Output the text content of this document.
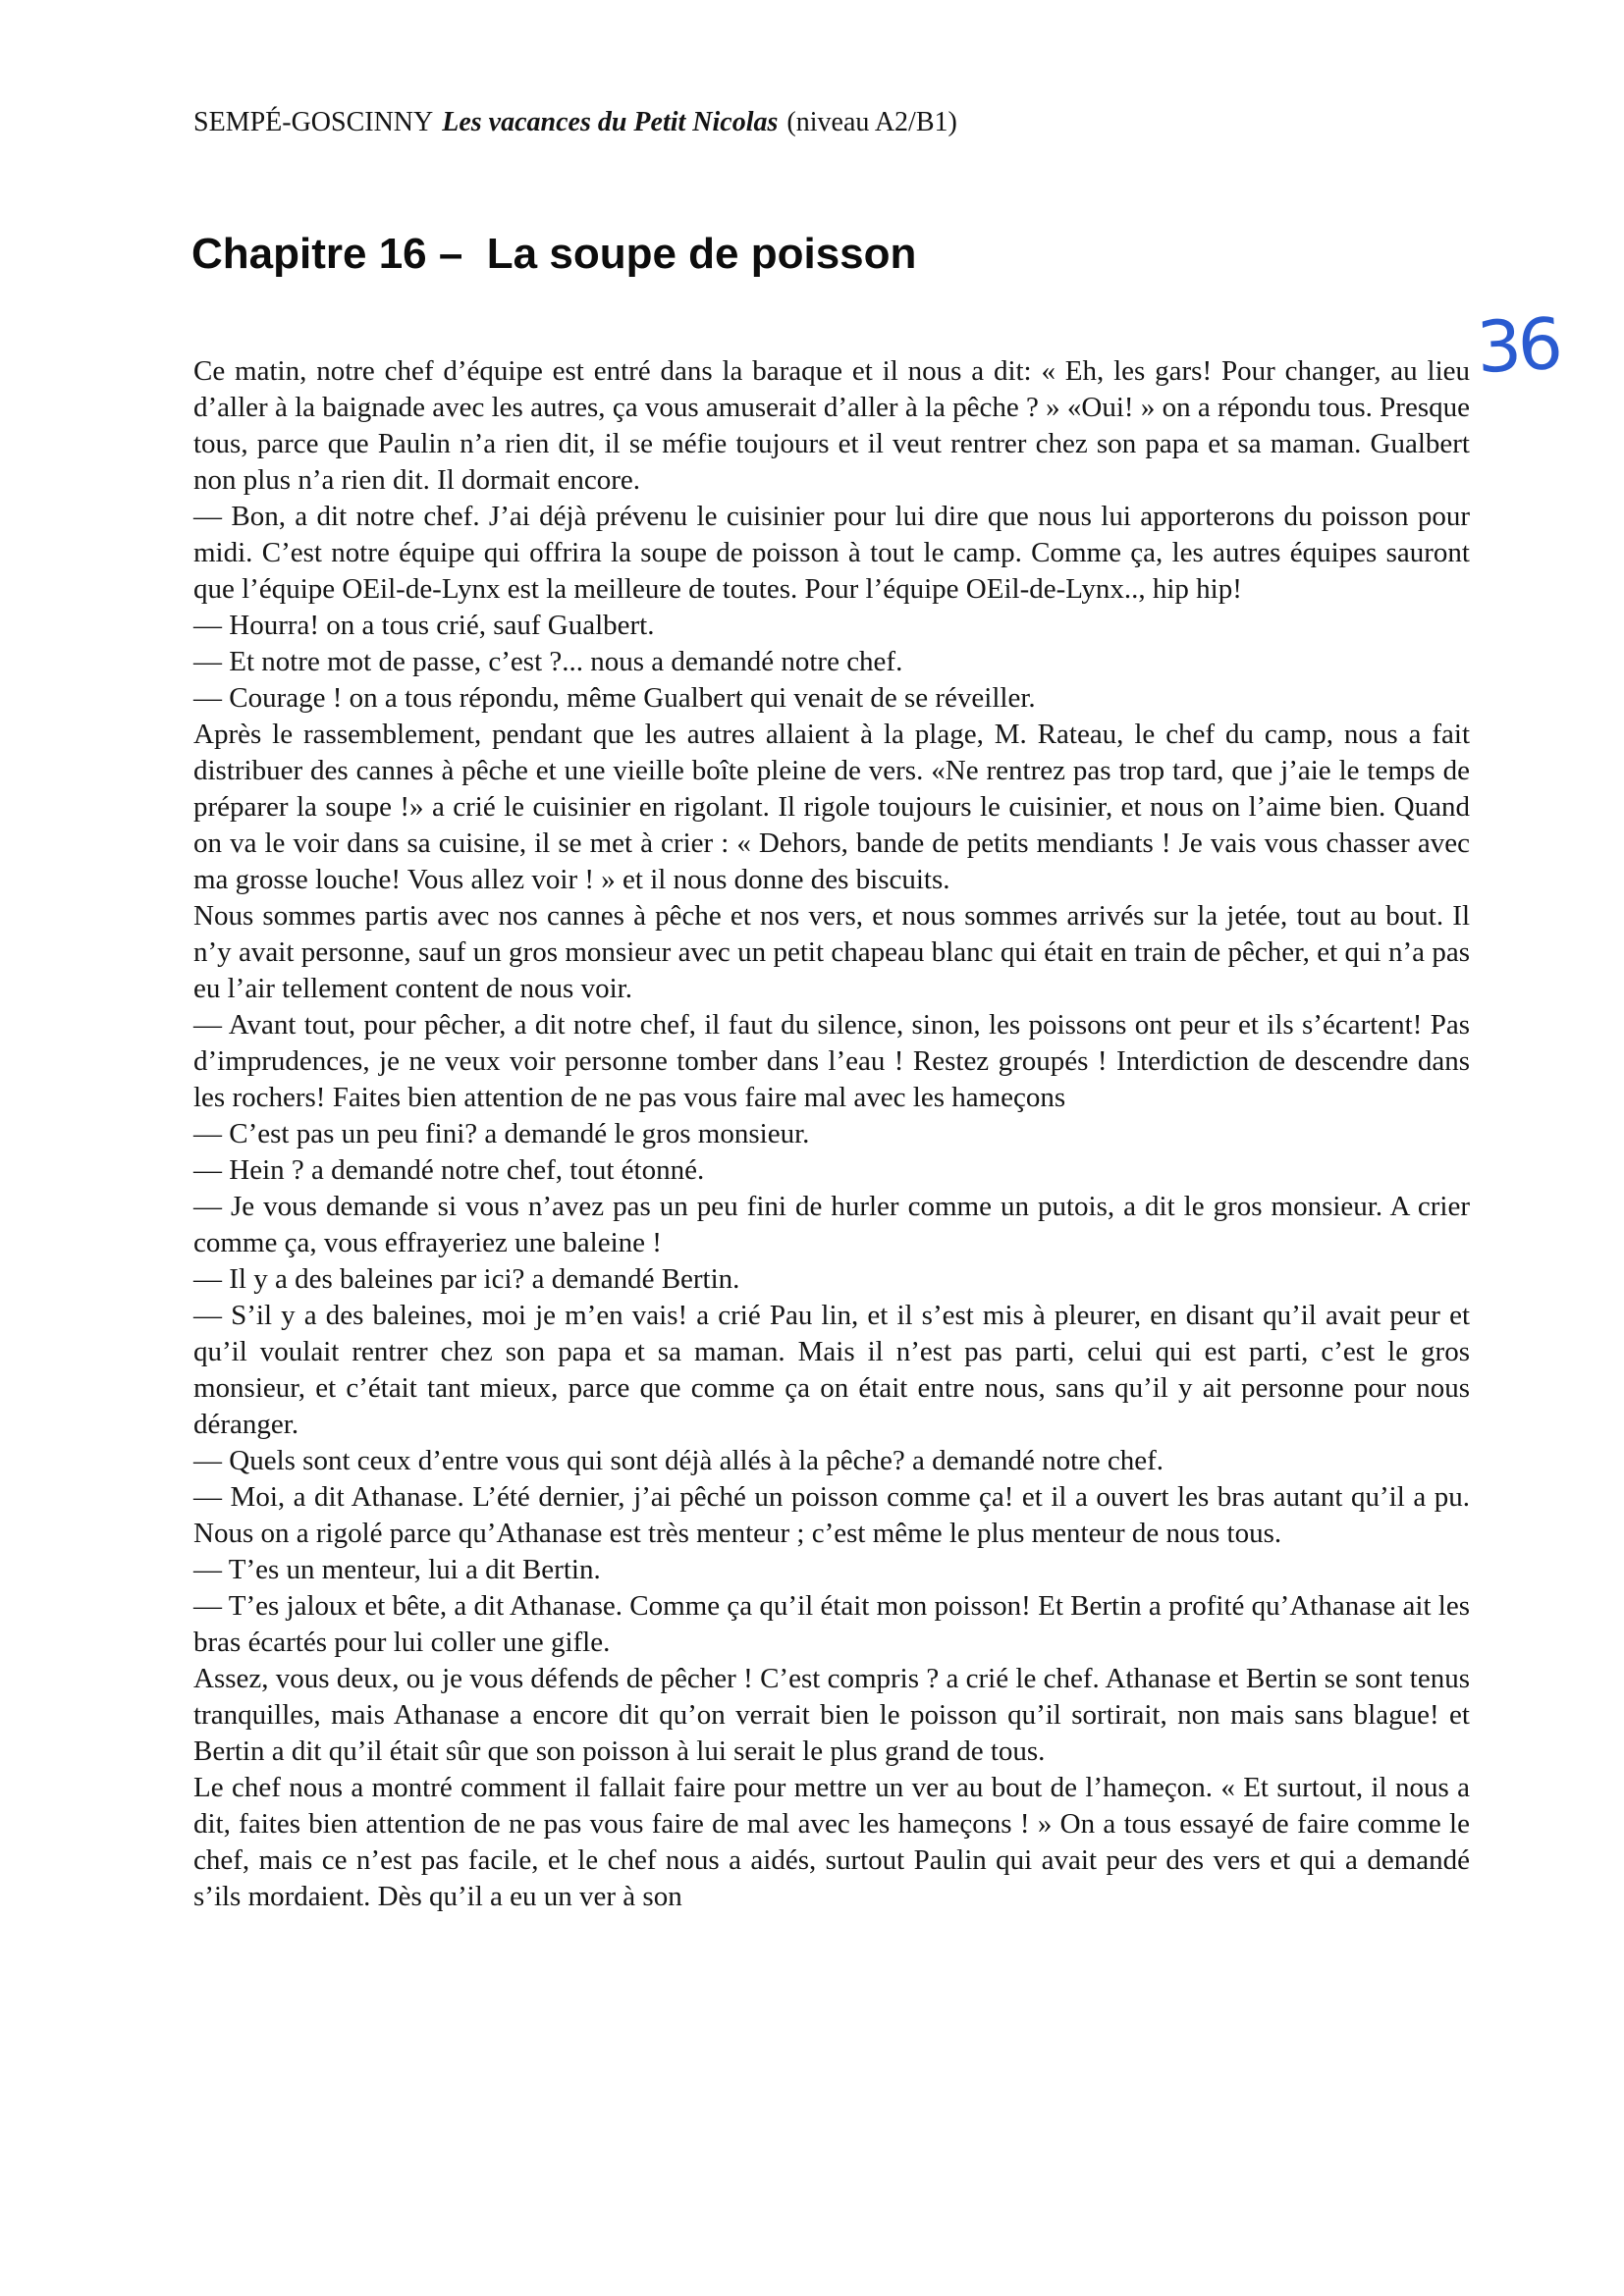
SEMPÉ-GOSCINNY Les vacances du Petit Nicolas (niveau A2/B1)
Chapitre 16 –  La soupe de poisson
36

Ce matin, notre chef d’équipe est entré dans la baraque et il nous a dit: « Eh, les gars! Pour changer, au lieu d’aller à la baignade avec les autres, ça vous amuserait d’aller à la pêche ? » «Oui! » on a répondu tous. Presque tous, parce que Paulin n’a rien dit, il se méfie toujours et il veut rentrer chez son papa et sa maman. Gualbert non plus n’a rien dit. Il dormait encore.

— Bon, a dit notre chef. J’ai déjà prévenu le cuisinier pour lui dire que nous lui apporterons du poisson pour midi. C’est notre équipe qui offrira la soupe de poisson à tout le camp. Comme ça, les autres équipes sauront que l’équipe OEil-de-Lynx est la meilleure de toutes. Pour l’équipe OEil-de-Lynx.., hip hip!

— Hourra! on a tous crié, sauf Gualbert.

— Et notre mot de passe, c’est ?... nous a demandé notre chef.

— Courage ! on a tous répondu, même Gualbert qui venait de se réveiller.

Après le rassemblement, pendant que les autres allaient à la plage, M. Rateau, le chef du camp, nous a fait distribuer des cannes à pêche et une vieille boîte pleine de vers. «Ne rentrez pas trop tard, que j’aie le temps de préparer la soupe !» a crié le cuisinier en rigolant. Il rigole toujours le cuisinier, et nous on l’aime bien. Quand on va le voir dans sa cuisine, il se met à crier : « Dehors, bande de petits mendiants ! Je vais vous chasser avec ma grosse louche! Vous allez voir ! » et il nous donne des biscuits.

Nous sommes partis avec nos cannes à pêche et nos vers, et nous sommes arrivés sur la jetée, tout au bout. Il n’y avait personne, sauf un gros monsieur avec un petit chapeau blanc qui était en train de pêcher, et qui n’a pas eu l’air tellement content de nous voir.

— Avant tout, pour pêcher, a dit notre chef, il faut du silence, sinon, les poissons ont peur et ils s’écartent! Pas d’imprudences, je ne veux voir personne tomber dans l’eau ! Restez groupés ! Interdiction de descendre dans les rochers! Faites bien attention de ne pas vous faire mal avec les hameçons

— C’est pas un peu fini? a demandé le gros monsieur.

— Hein ? a demandé notre chef, tout étonné.

— Je vous demande si vous n’avez pas un peu fini de hurler comme un putois, a dit le gros monsieur. A crier comme ça, vous effrayeriez une baleine !

— Il y a des baleines par ici? a demandé Bertin.

— S’il y a des baleines, moi je m’en vais! a crié Pau lin, et il s’est mis à pleurer, en disant qu’il avait peur et qu’il voulait rentrer chez son papa et sa maman. Mais il n’est pas parti, celui qui est parti, c’est le gros monsieur, et c’était tant mieux, parce que comme ça on était entre nous, sans qu’il y ait personne pour nous déranger.

— Quels sont ceux d’entre vous qui sont déjà allés à la pêche? a demandé notre chef.

— Moi, a dit Athanase. L’été dernier, j’ai pêché un poisson comme ça! et il a ouvert les bras autant qu’il a pu. Nous on a rigolé parce qu’Athanase est très menteur ; c’est même le plus menteur de nous tous.

— T’es un menteur, lui a dit Bertin.

— T’es jaloux et bête, a dit Athanase. Comme ça qu’il était mon poisson! Et Bertin a profité qu’Athanase ait les bras écartés pour lui coller une gifle.

Assez, vous deux, ou je vous défends de pêcher ! C’est compris ? a crié le chef. Athanase et Bertin se sont tenus tranquilles, mais Athanase a encore dit qu’on verrait bien le poisson qu’il sortirait, non mais sans blague! et Bertin a dit qu’il était sûr que son poisson à lui serait le plus grand de tous.

Le chef nous a montré comment il fallait faire pour mettre un ver au bout de l’hameçon. « Et surtout, il nous a dit, faites bien attention de ne pas vous faire de mal avec les hameçons ! » On a tous essayé de faire comme le chef, mais ce n’est pas facile, et le chef nous a aidés, surtout Paulin qui avait peur des vers et qui a demandé s’ils mordaient. Dès qu’il a eu un ver à son
